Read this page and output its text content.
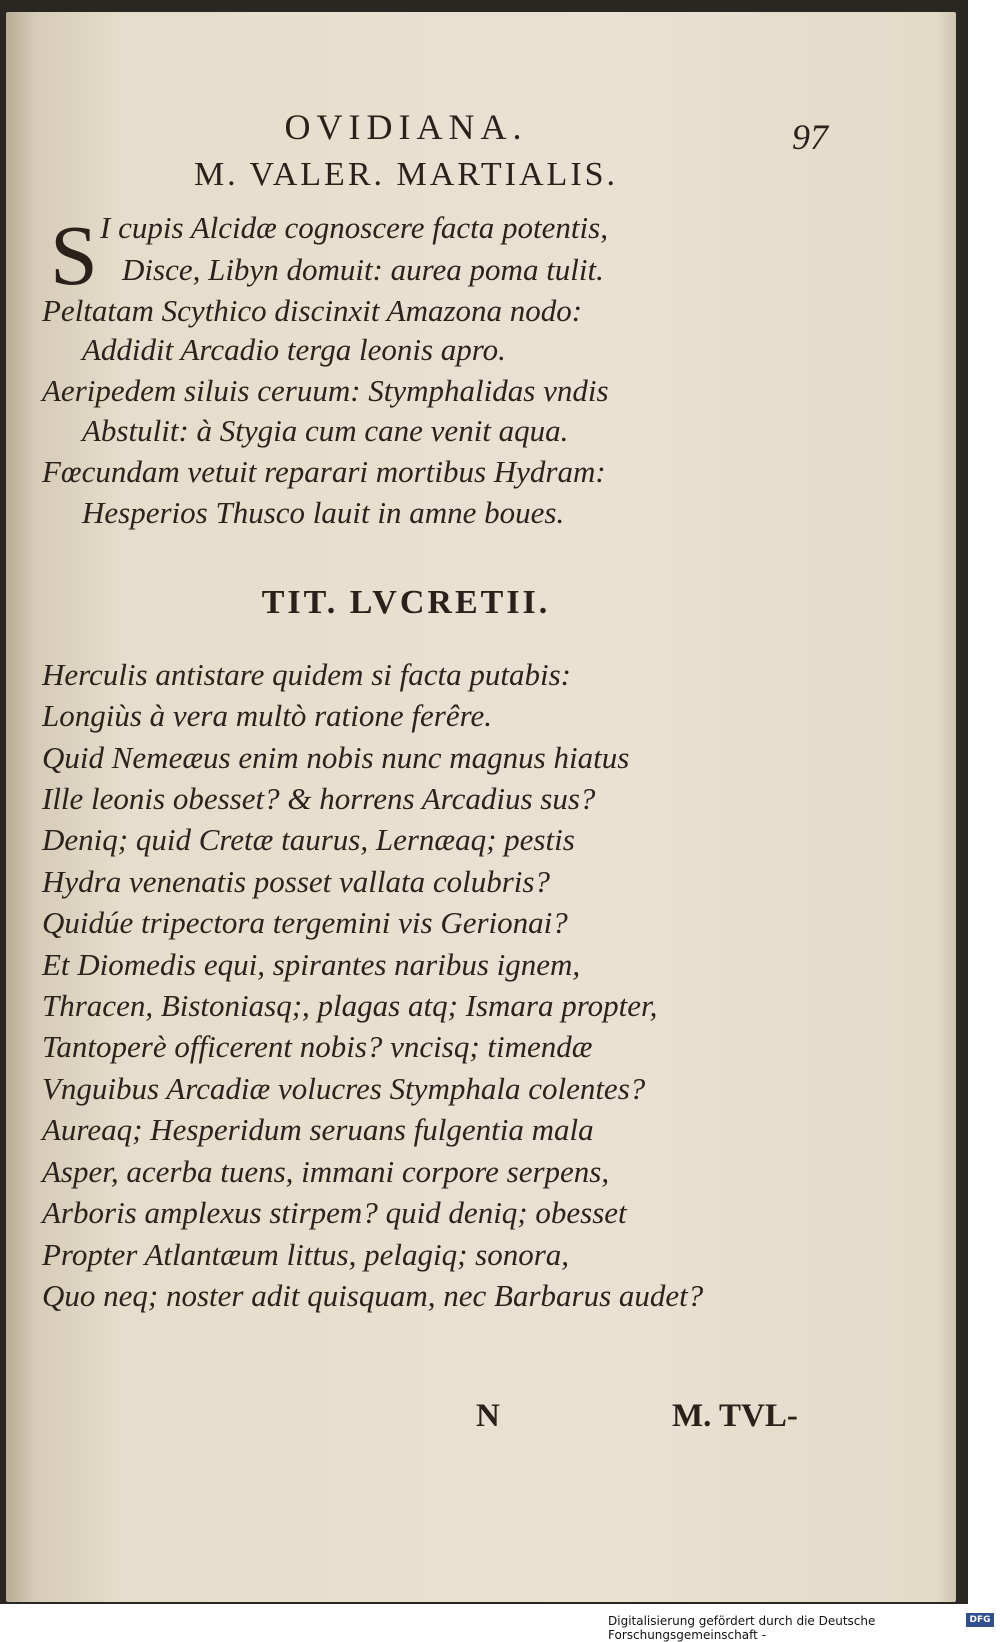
OVIDIANA.	97
M. VALER. MARTIALIS.
S I cupis Alcidæ cognoscere facta potentis,
Disce, Libyn domuit: aurea poma tulit.
Peltatam Scythico discinxit Amazona nodo:
Addidit Arcadio terga leonis apro.
Aeripedem siluis ceruum: Stymphalidas vndis
Abstulit: à Stygia cum cane venit aqua.
Fœcundam vetuit reparari mortibus Hydram:
Hesperios Thusco lauit in amne boues.
TIT. LVCRETII.
Herculis antistare quidem si facta putabis:
Longiùs à vera multò ratione ferêre.
Quid Nemeæus enim nobis nunc magnus hiatus
Ille leonis obesset? & horrens Arcadius sus?
Deniq; quid Cretæ taurus, Lernæaq; pestis
Hydra venenatis posset vallata colubris?
Quidúe tripectora tergemini vis Gerionai?
Et Diomedis equi, spirantes naribus ignem,
Thracen, Bistoniasq;, plagas atq; Ismara propter,
Tantoperè officerent nobis? vncisq; timendæ
Vnguibus Arcadiæ volucres Stymphala colentes?
Aureaq; Hesperidum seruans fulgentia mala
Asper, acerba tuens, immani corpore serpens,
Arboris amplexus stirpem? quid deniq; obesset
Propter Atlantæum littus, pelagiq; sonora,
Quo neq; noster adit quisquam, nec Barbarus audet?
N	M. TVL-
Digitalisierung gefördert durch die Deutsche Forschungsgemeinschaft -
DFG
